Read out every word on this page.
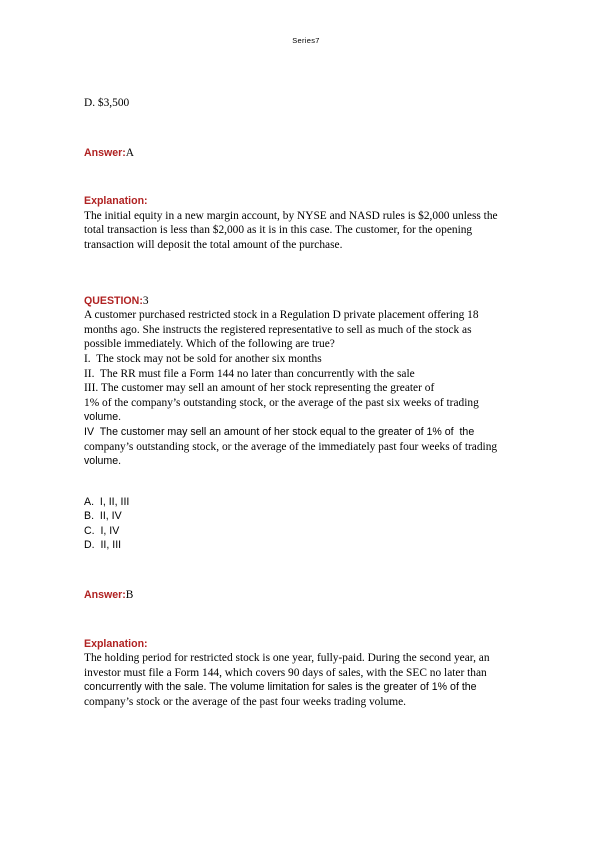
Series7
D. $3,500
Answer:A
Explanation:
The initial equity in a new margin account, by NYSE and NASD rules is $2,000 unless the
total transaction is less than $2,000 as it is in this case. The customer, for the opening
transaction will deposit the total amount of the purchase.
QUESTION:3
A customer purchased restricted stock in a Regulation D private placement offering 18
months ago. She instructs the registered representative to sell as much of the stock as
possible immediately. Which of the following are true?
I.  The stock may not be sold for another six months
II.  The RR must file a Form 144 no later than concurrently with the sale
III. The customer may sell an amount of her stock representing the greater of
1% of the company’s outstanding stock, or the average of the past six weeks of trading
volume.
IV  The customer may sell an amount of her stock equal to the greater of 1% of  the
company’s outstanding stock, or the average of the immediately past four weeks of trading
volume.
A.  I, II, III
B.  II, IV
C.  I, IV
D.  II, III
Answer:B
Explanation:
The holding period for restricted stock is one year, fully-paid. During the second year, an
investor must file a Form 144, which covers 90 days of sales, with the SEC no later than
concurrently with the sale. The volume limitation for sales is the greater of 1% of the
company’s stock or the average of the past four weeks trading volume.
